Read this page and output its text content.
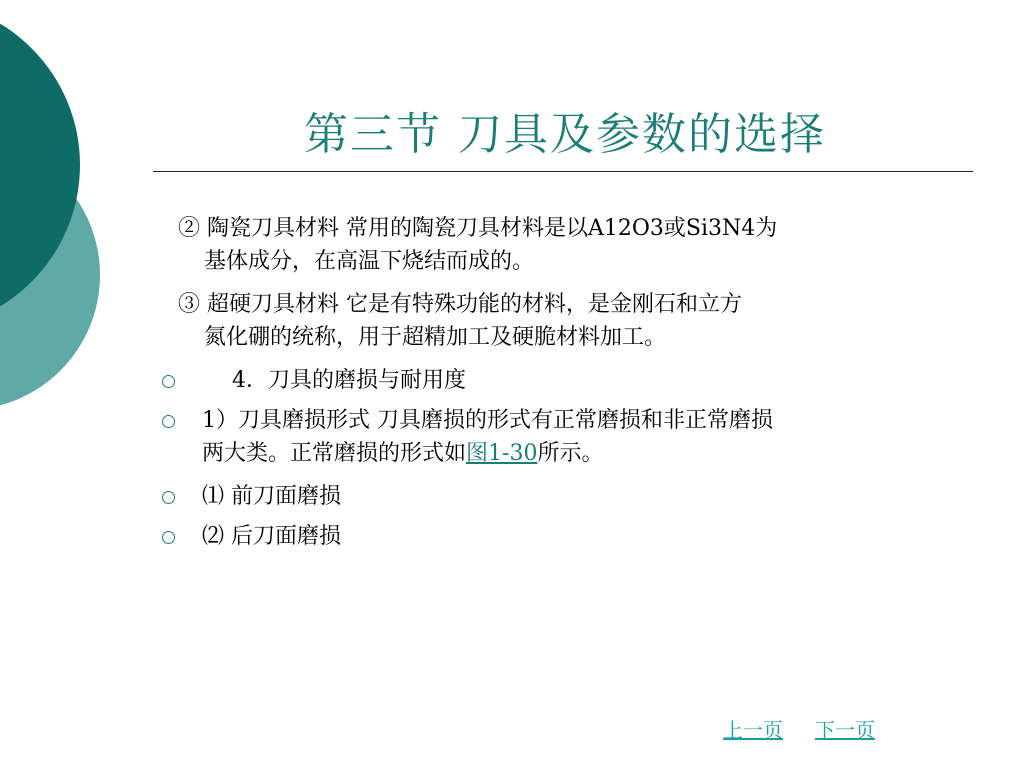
第三节 刀具及参数的选择
② 陶瓷刀具材料 常用的陶瓷刀具材料是以A12O3或Si3N4为
基体成分，在高温下烧结而成的。
③ 超硬刀具材料 它是有特殊功能的材料，是金刚石和立方
氮化硼的统称，用于超精加工及硬脆材料加工。
4．刀具的磨损与耐用度
1）刀具磨损形式 刀具磨损的形式有正常磨损和非正常磨损
两大类。正常磨损的形式如图1-30所示。
⑴ 前刀面磨损
⑵ 后刀面磨损
上一页 下一页
